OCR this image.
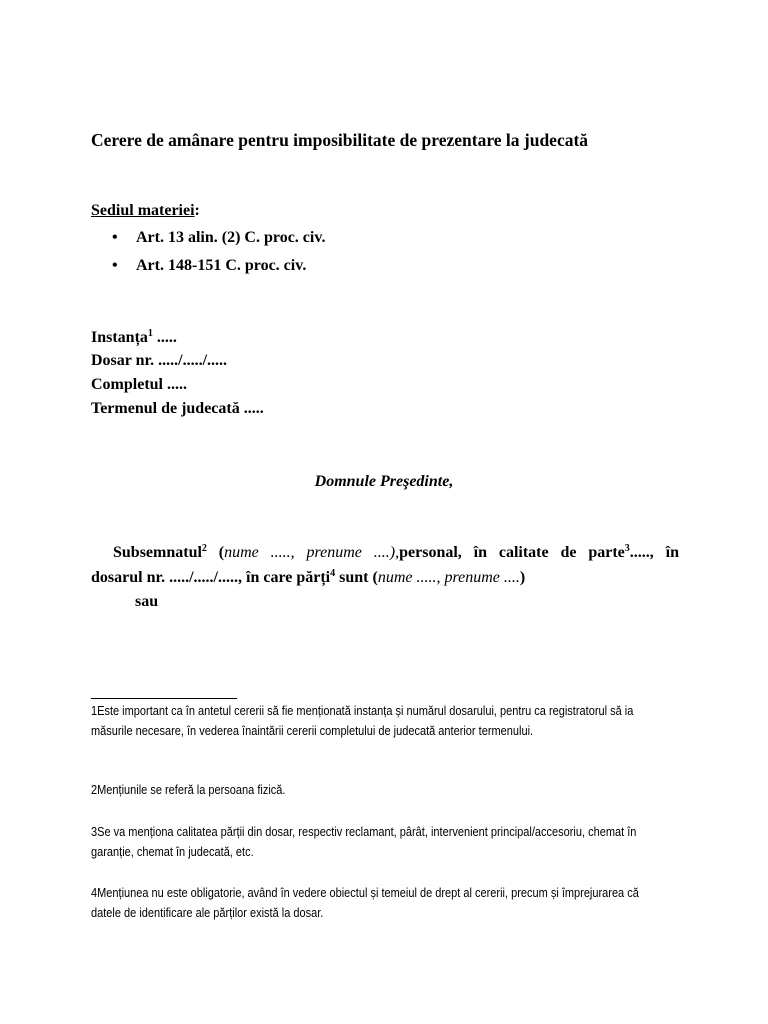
Cerere de amânare pentru imposibilitate de prezentare la judecată
Sediul materiei:
• Art. 13 alin. (2) C. proc. civ.
• Art. 148-151 C. proc. civ.
Instanța$^1$ .....
Dosar nr. ...../...../.....
Completul .....
Termenul de judecată .....
Domnule Preşedinte,
Subsemnatul$^2$ (nume ....., prenume ....),personal, în calitate de parte$^3$....., în
dosarul nr. ...../...../....., în care părți$^4$ sunt (nume ....., prenume ....)
sau
1Este important ca în antetul cererii să fie menționată instanța și numărul dosarului, pentru ca registratorul să ia măsurile necesare, în vederea înaintării cererii completului de judecată anterior termenului.
2Mențiunile se referă la persoana fizică.
3Se va menționa calitatea părții din dosar, respectiv reclamant, pârât, intervenient principal/accesoriu, chemat în garanție, chemat în judecată, etc.
4Mențiunea nu este obligatorie, având în vedere obiectul și temeiul de drept al cererii, precum și împrejurarea că datele de identificare ale părților există la dosar.
